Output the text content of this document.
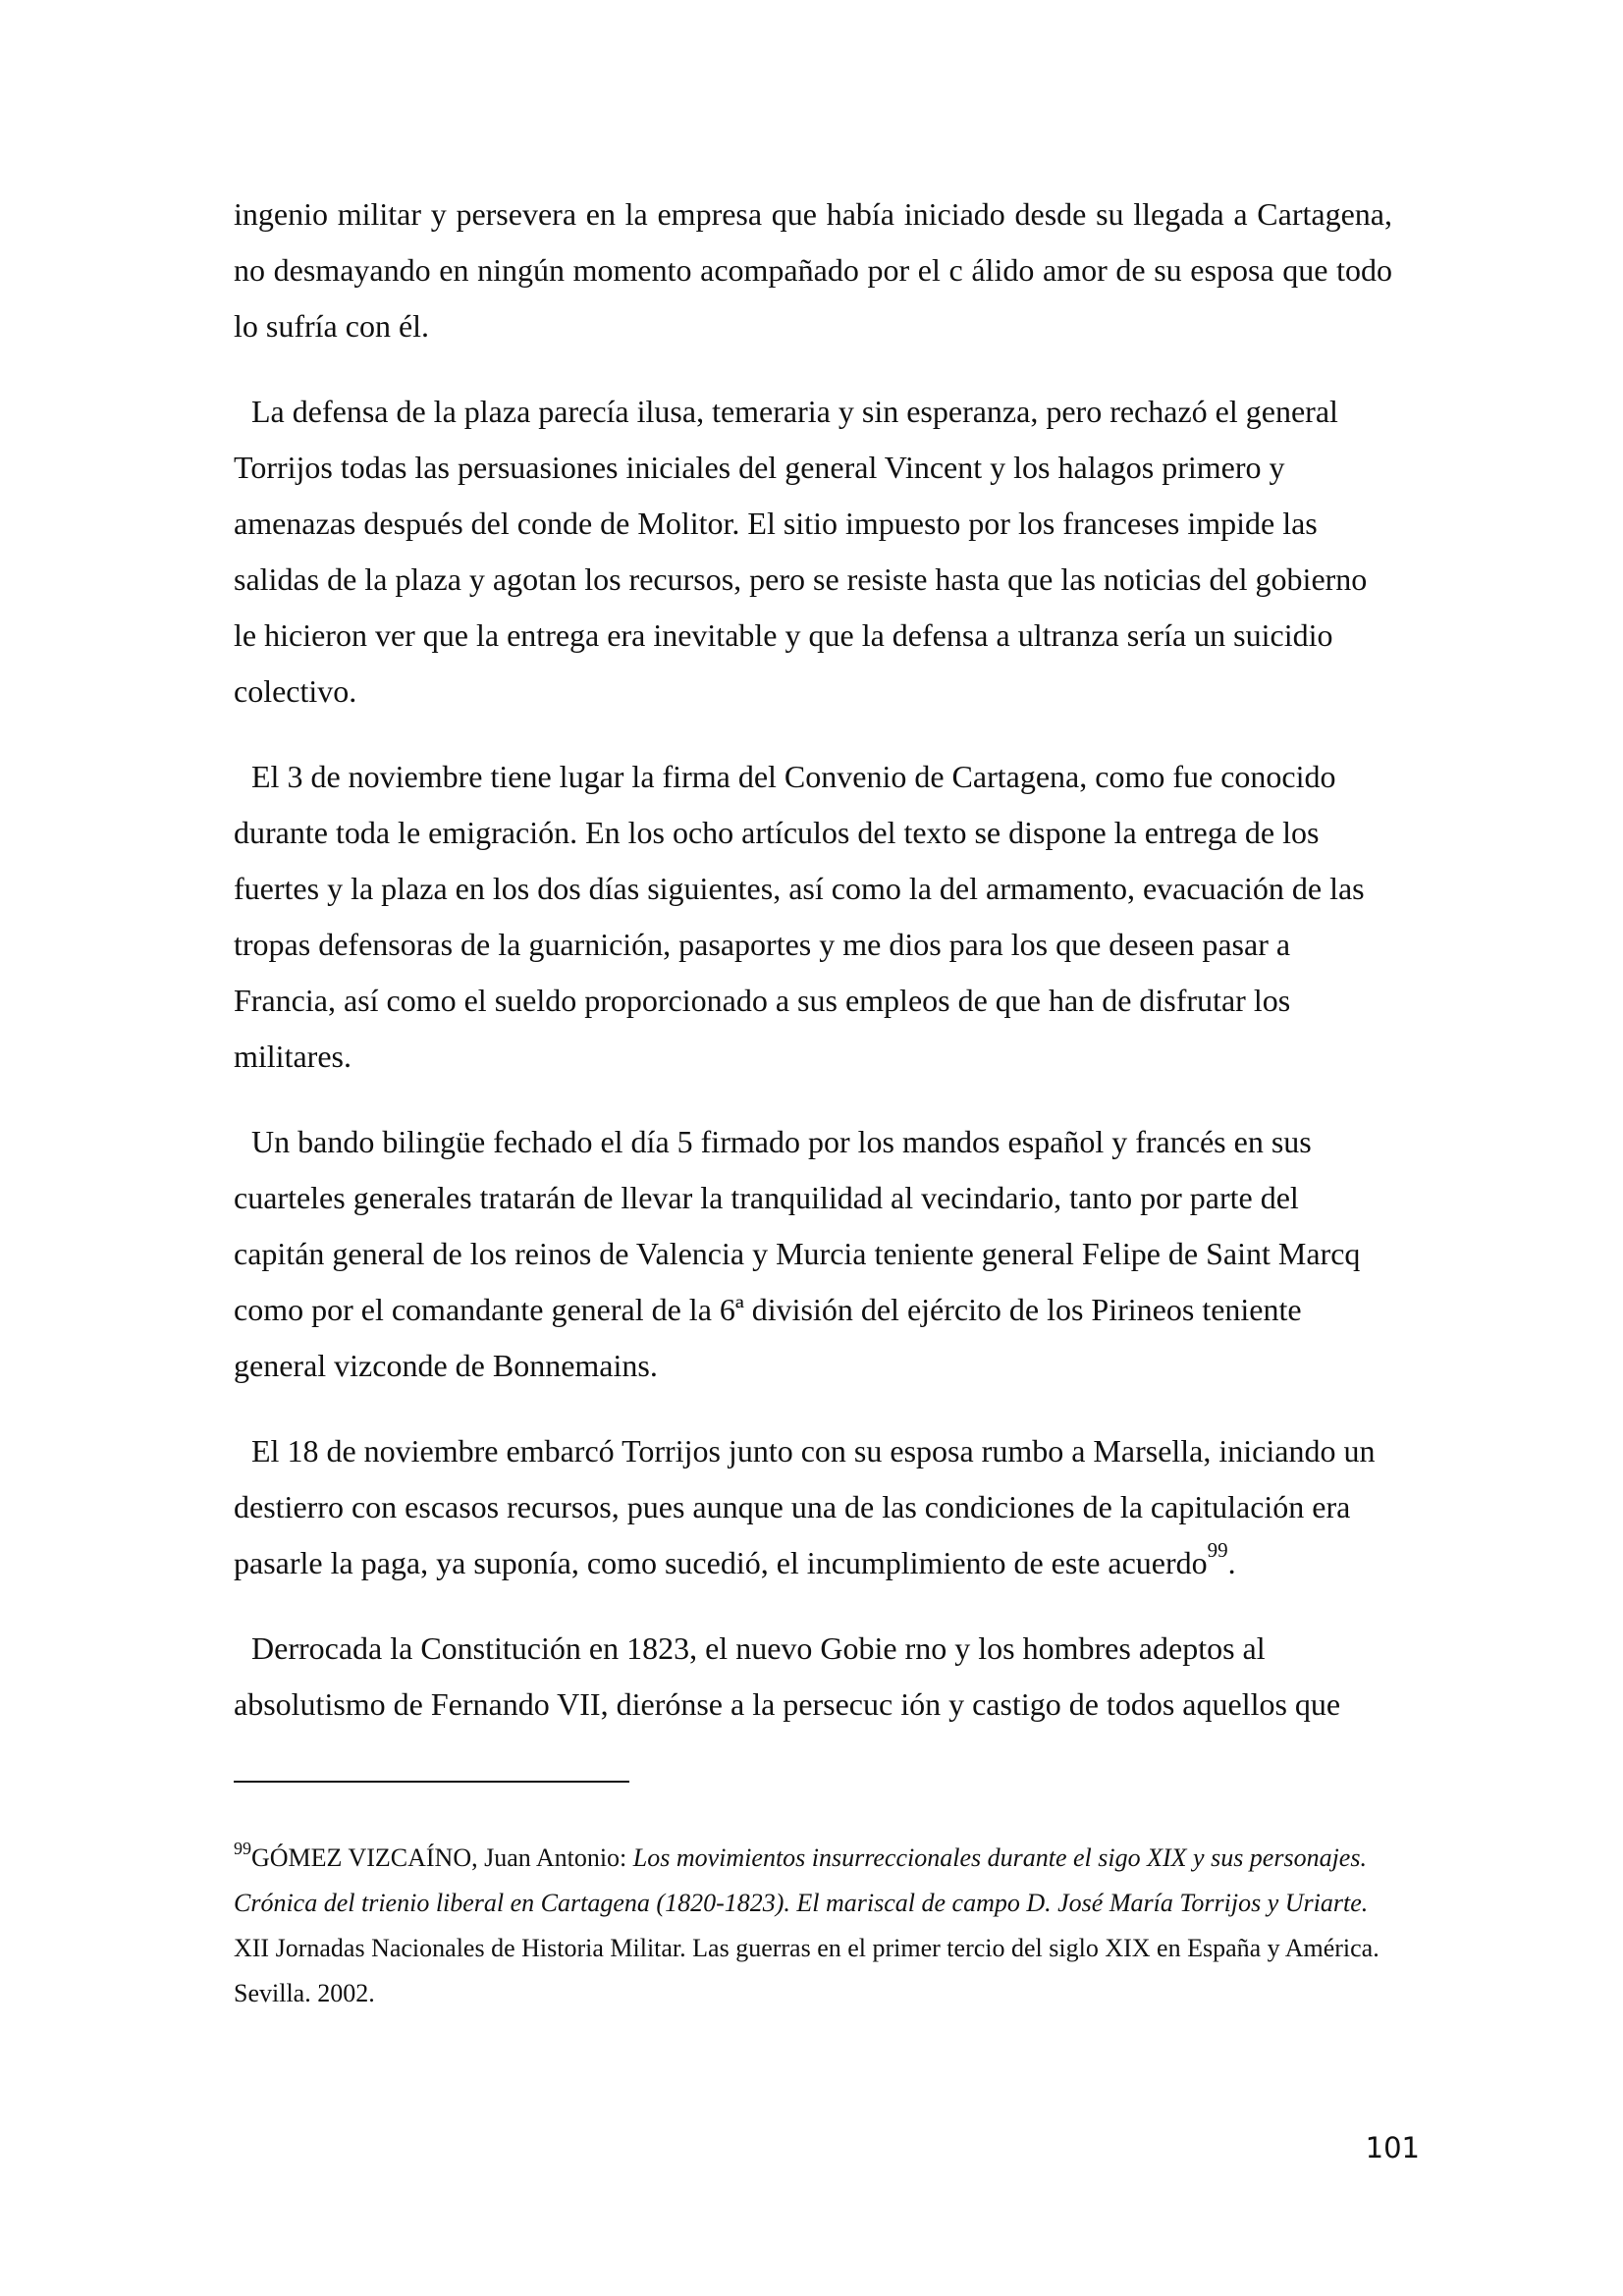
ingenio militar y persevera en la empresa que había iniciado desde su llegada a Cartagena, no desmayando en ningún momento acompañado por el c álido amor de su esposa que todo lo sufría con él.

La defensa de la plaza parecía ilusa, temeraria y sin esperanza, pero rechazó el general Torrijos todas las persuasiones iniciales del general Vincent y los halagos primero y amenazas después del conde de Molitor. El sitio impuesto por los franceses impide las salidas de la plaza y agotan los recursos, pero se resiste hasta que las noticias del gobierno le hicieron ver que la entrega era inevitable y que la defensa a ultranza sería un suicidio colectivo.

El 3 de noviembre tiene lugar la firma del Convenio de Cartagena, como fue conocido durante toda le emigración. En los ocho artículos del texto se dispone la entrega de los fuertes y la plaza en los dos días siguientes, así como la del armamento, evacuación de las tropas defensoras de la guarnición, pasaportes y me dios para los que deseen pasar a Francia, así como el sueldo proporcionado a sus empleos de que han de disfrutar los militares.

Un bando bilingüe fechado el día 5 firmado por los mandos español y francés en sus cuarteles generales tratarán de llevar la tranquilidad al vecindario, tanto por parte del capitán general de los reinos de Valencia y Murcia teniente general Felipe de Saint Marcq como por el comandante general de la 6ª división del ejército de los Pirineos teniente general vizconde de Bonnemains.

El 18 de noviembre embarcó Torrijos junto con su esposa rumbo a Marsella, iniciando un destierro con escasos recursos, pues aunque una de las condiciones de la capitulación era pasarle la paga, ya suponía, como sucedió, el incumplimiento de este acuerdo$^{99}$.

Derrocada la Constitución en 1823, el nuevo Gobie rno y los hombres adeptos al absolutismo de Fernando VII, dierónse a la persecuc ión y castigo de todos aquellos que

$^{99}$GÓMEZ VIZCAÍNO, Juan Antonio: Los movimientos insurreccionales durante el sigo XIX y sus personajes. Crónica del trienio liberal en Cartagena (1820-1823). El mariscal de campo D. José María Torrijos y Uriarte. XII Jornadas Nacionales de Historia Militar. Las guerras en el primer tercio del siglo XIX en España y América. Sevilla. 2002.

101
